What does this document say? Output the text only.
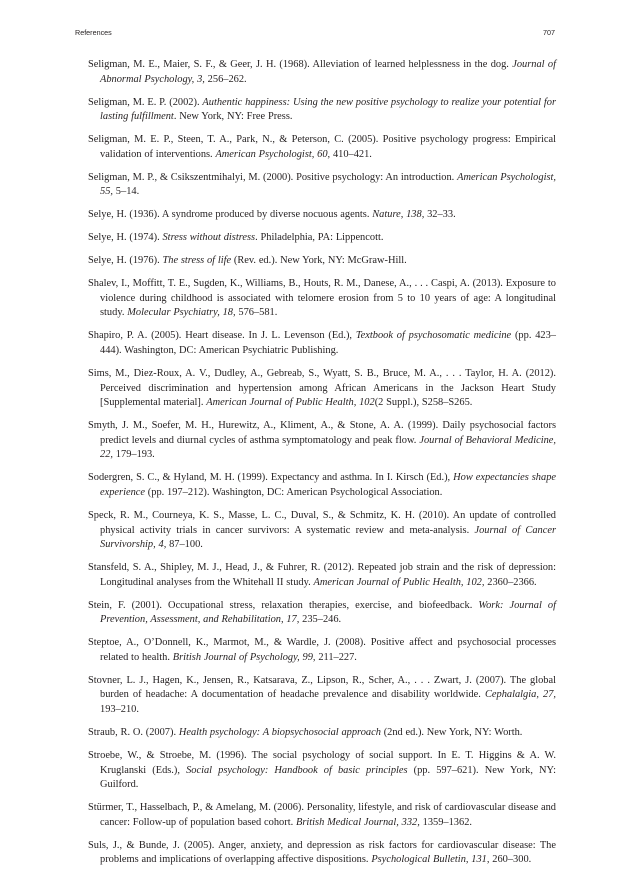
References	707
Seligman, M. E., Maier, S. F., & Geer, J. H. (1968). Alleviation of learned helplessness in the dog. Journal of Abnormal Psychology, 3, 256–262.
Seligman, M. E. P. (2002). Authentic happiness: Using the new positive psychology to realize your potential for lasting fulfillment. New York, NY: Free Press.
Seligman, M. E. P., Steen, T. A., Park, N., & Peterson, C. (2005). Positive psychology progress: Empirical validation of interventions. American Psychologist, 60, 410–421.
Seligman, M. P., & Csikszentmihalyi, M. (2000). Positive psychology: An introduction. American Psychologist, 55, 5–14.
Selye, H. (1936). A syndrome produced by diverse nocuous agents. Nature, 138, 32–33.
Selye, H. (1974). Stress without distress. Philadelphia, PA: Lippencott.
Selye, H. (1976). The stress of life (Rev. ed.). New York, NY: McGraw-Hill.
Shalev, I., Moffitt, T. E., Sugden, K., Williams, B., Houts, R. M., Danese, A., . . . Caspi, A. (2013). Exposure to violence during childhood is associated with telomere erosion from 5 to 10 years of age: A longitudinal study. Molecular Psychiatry, 18, 576–581.
Shapiro, P. A. (2005). Heart disease. In J. L. Levenson (Ed.), Textbook of psychosomatic medicine (pp. 423–444). Washington, DC: American Psychiatric Publishing.
Sims, M., Diez-Roux, A. V., Dudley, A., Gebreab, S., Wyatt, S. B., Bruce, M. A., . . . Taylor, H. A. (2012). Perceived discrimination and hypertension among African Americans in the Jackson Heart Study [Supplemental material]. American Journal of Public Health, 102(2 Suppl.), S258–S265.
Smyth, J. M., Soefer, M. H., Hurewitz, A., Kliment, A., & Stone, A. A. (1999). Daily psychosocial factors predict levels and diurnal cycles of asthma symptomatology and peak flow. Journal of Behavioral Medicine, 22, 179–193.
Sodergren, S. C., & Hyland, M. H. (1999). Expectancy and asthma. In I. Kirsch (Ed.), How expectancies shape experience (pp. 197–212). Washington, DC: American Psychological Association.
Speck, R. M., Courneya, K. S., Masse, L. C., Duval, S., & Schmitz, K. H. (2010). An update of controlled physical activity trials in cancer survivors: A systematic review and meta-analysis. Journal of Cancer Survivorship, 4, 87–100.
Stansfeld, S. A., Shipley, M. J., Head, J., & Fuhrer, R. (2012). Repeated job strain and the risk of depression: Longitudinal analyses from the Whitehall II study. American Journal of Public Health, 102, 2360–2366.
Stein, F. (2001). Occupational stress, relaxation therapies, exercise, and biofeedback. Work: Journal of Prevention, Assessment, and Rehabilitation, 17, 235–246.
Steptoe, A., O’Donnell, K., Marmot, M., & Wardle, J. (2008). Positive affect and psychosocial processes related to health. British Journal of Psychology, 99, 211–227.
Stovner, L. J., Hagen, K., Jensen, R., Katsarava, Z., Lipson, R., Scher, A., . . . Zwart, J. (2007). The global burden of headache: A documentation of headache prevalence and disability worldwide. Cephalalgia, 27, 193–210.
Straub, R. O. (2007). Health psychology: A biopsychosocial approach (2nd ed.). New York, NY: Worth.
Stroebe, W., & Stroebe, M. (1996). The social psychology of social support. In E. T. Higgins & A. W. Kruglanski (Eds.), Social psychology: Handbook of basic principles (pp. 597–621). New York, NY: Guilford.
Stürmer, T., Hasselbach, P., & Amelang, M. (2006). Personality, lifestyle, and risk of cardiovascular disease and cancer: Follow-up of population based cohort. British Medical Journal, 332, 1359–1362.
Suls, J., & Bunde, J. (2005). Anger, anxiety, and depression as risk factors for cardiovascular disease: The problems and implications of overlapping affective dispositions. Psychological Bulletin, 131, 260–300.
